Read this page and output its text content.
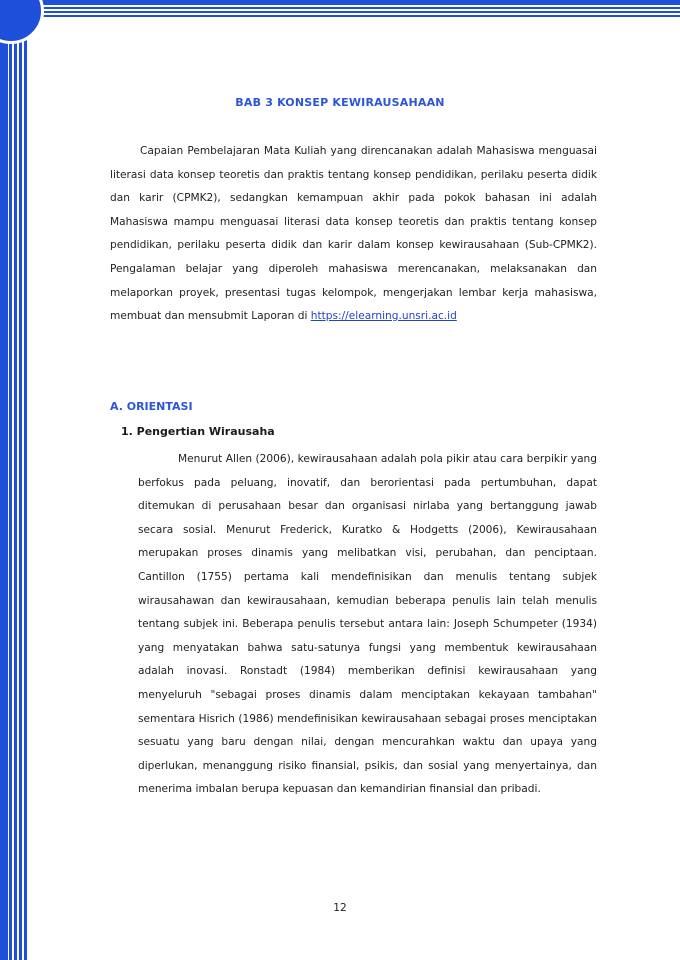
BAB 3 KONSEP KEWIRAUSAHAAN

Capaian Pembelajaran Mata Kuliah yang direncanakan adalah Mahasiswa menguasai literasi data konsep teoretis dan praktis tentang konsep pendidikan, perilaku peserta didik dan karir (CPMK2), sedangkan kemampuan akhir pada pokok bahasan ini adalah Mahasiswa mampu menguasai literasi data konsep teoretis dan praktis tentang konsep pendidikan, perilaku peserta didik dan karir dalam konsep kewirausahaan (Sub-CPMK2). Pengalaman belajar yang diperoleh mahasiswa merencanakan, melaksanakan dan melaporkan proyek, presentasi tugas kelompok, mengerjakan lembar kerja mahasiswa, membuat dan mensubmit Laporan di https://elearning.unsri.ac.id

A. ORIENTASI
1. Pengertian Wirausaha

Menurut Allen (2006), kewirausahaan adalah pola pikir atau cara berpikir yang berfokus pada peluang, inovatif, dan berorientasi pada pertumbuhan, dapat ditemukan di perusahaan besar dan organisasi nirlaba yang bertanggung jawab secara sosial. Menurut Frederick, Kuratko & Hodgetts (2006), Kewirausahaan merupakan proses dinamis yang melibatkan visi, perubahan, dan penciptaan. Cantillon (1755) pertama kali mendefinisikan dan menulis tentang subjek wirausahawan dan kewirausahaan, kemudian beberapa penulis lain telah menulis tentang subjek ini. Beberapa penulis tersebut antara lain: Joseph Schumpeter (1934) yang menyatakan bahwa satu-satunya fungsi yang membentuk kewirausahaan adalah inovasi. Ronstadt (1984) memberikan definisi kewirausahaan yang menyeluruh "sebagai proses dinamis dalam menciptakan kekayaan tambahan" sementara Hisrich (1986) mendefinisikan kewirausahaan sebagai proses menciptakan sesuatu yang baru dengan nilai, dengan mencurahkan waktu dan upaya yang diperlukan, menanggung risiko finansial, psikis, dan sosial yang menyertainya, dan menerima imbalan berupa kepuasan dan kemandirian finansial dan pribadi.

12
